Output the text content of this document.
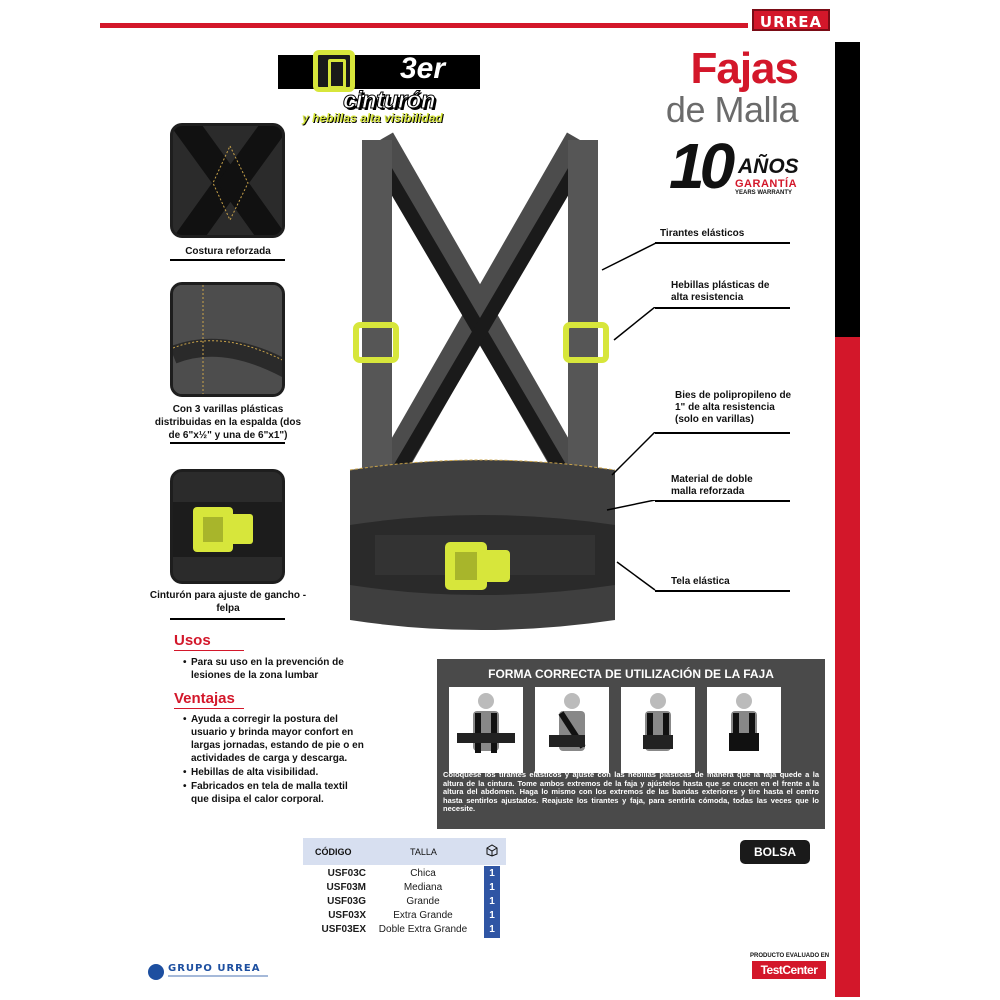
URREA
3er
cinturón
y hebillas alta visibilidad
Fajas
de Malla
10 AÑOS
GARANTÍA
YEARS WARRANTY
Costura reforzada
Con 3 varillas plásticas distribuidas en la espalda (dos de 6"x½" y una de 6"x1")
Cinturón para ajuste de gancho - felpa
Tirantes elásticos
Hebillas plásticas de alta resistencia
Bies de polipropileno de 1" de alta resistencia (solo en varillas)
Material de doble malla reforzada
Tela elástica
Usos
• Para su uso en la prevención de lesiones de la zona lumbar
Ventajas
• Ayuda a corregir la postura del usuario y brinda mayor confort en largas jornadas, estando de pie o en actividades de carga y descarga.
• Hebillas de alta visibilidad.
• Fabricados en tela de malla textil que disipa el calor corporal.
FORMA CORRECTA DE UTILIZACIÓN DE LA FAJA
Colóquese los tirantes elásticos y ajuste con las hebillas plásticas de manera que la faja quede a la altura de la cintura. Tome ambos extremos de la faja y ajústelos hasta que se crucen en el frente a la altura del abdomen. Haga lo mismo con los extremos de las bandas exteriores y tire hasta el centro hasta sentirlos ajustados. Reajuste los tirantes y faja, para sentirla cómoda, todas las veces que lo necesite.
BOLSA
CÓDIGO	TALLA
USF03C
USF03M
USF03G
USF03X
USF03EX
Chica
Mediana
Grande
Extra Grande
Doble Extra Grande
1
1
1
1
1
GRUPO URREA
PRODUCTO EVALUADO EN
TestCenter
